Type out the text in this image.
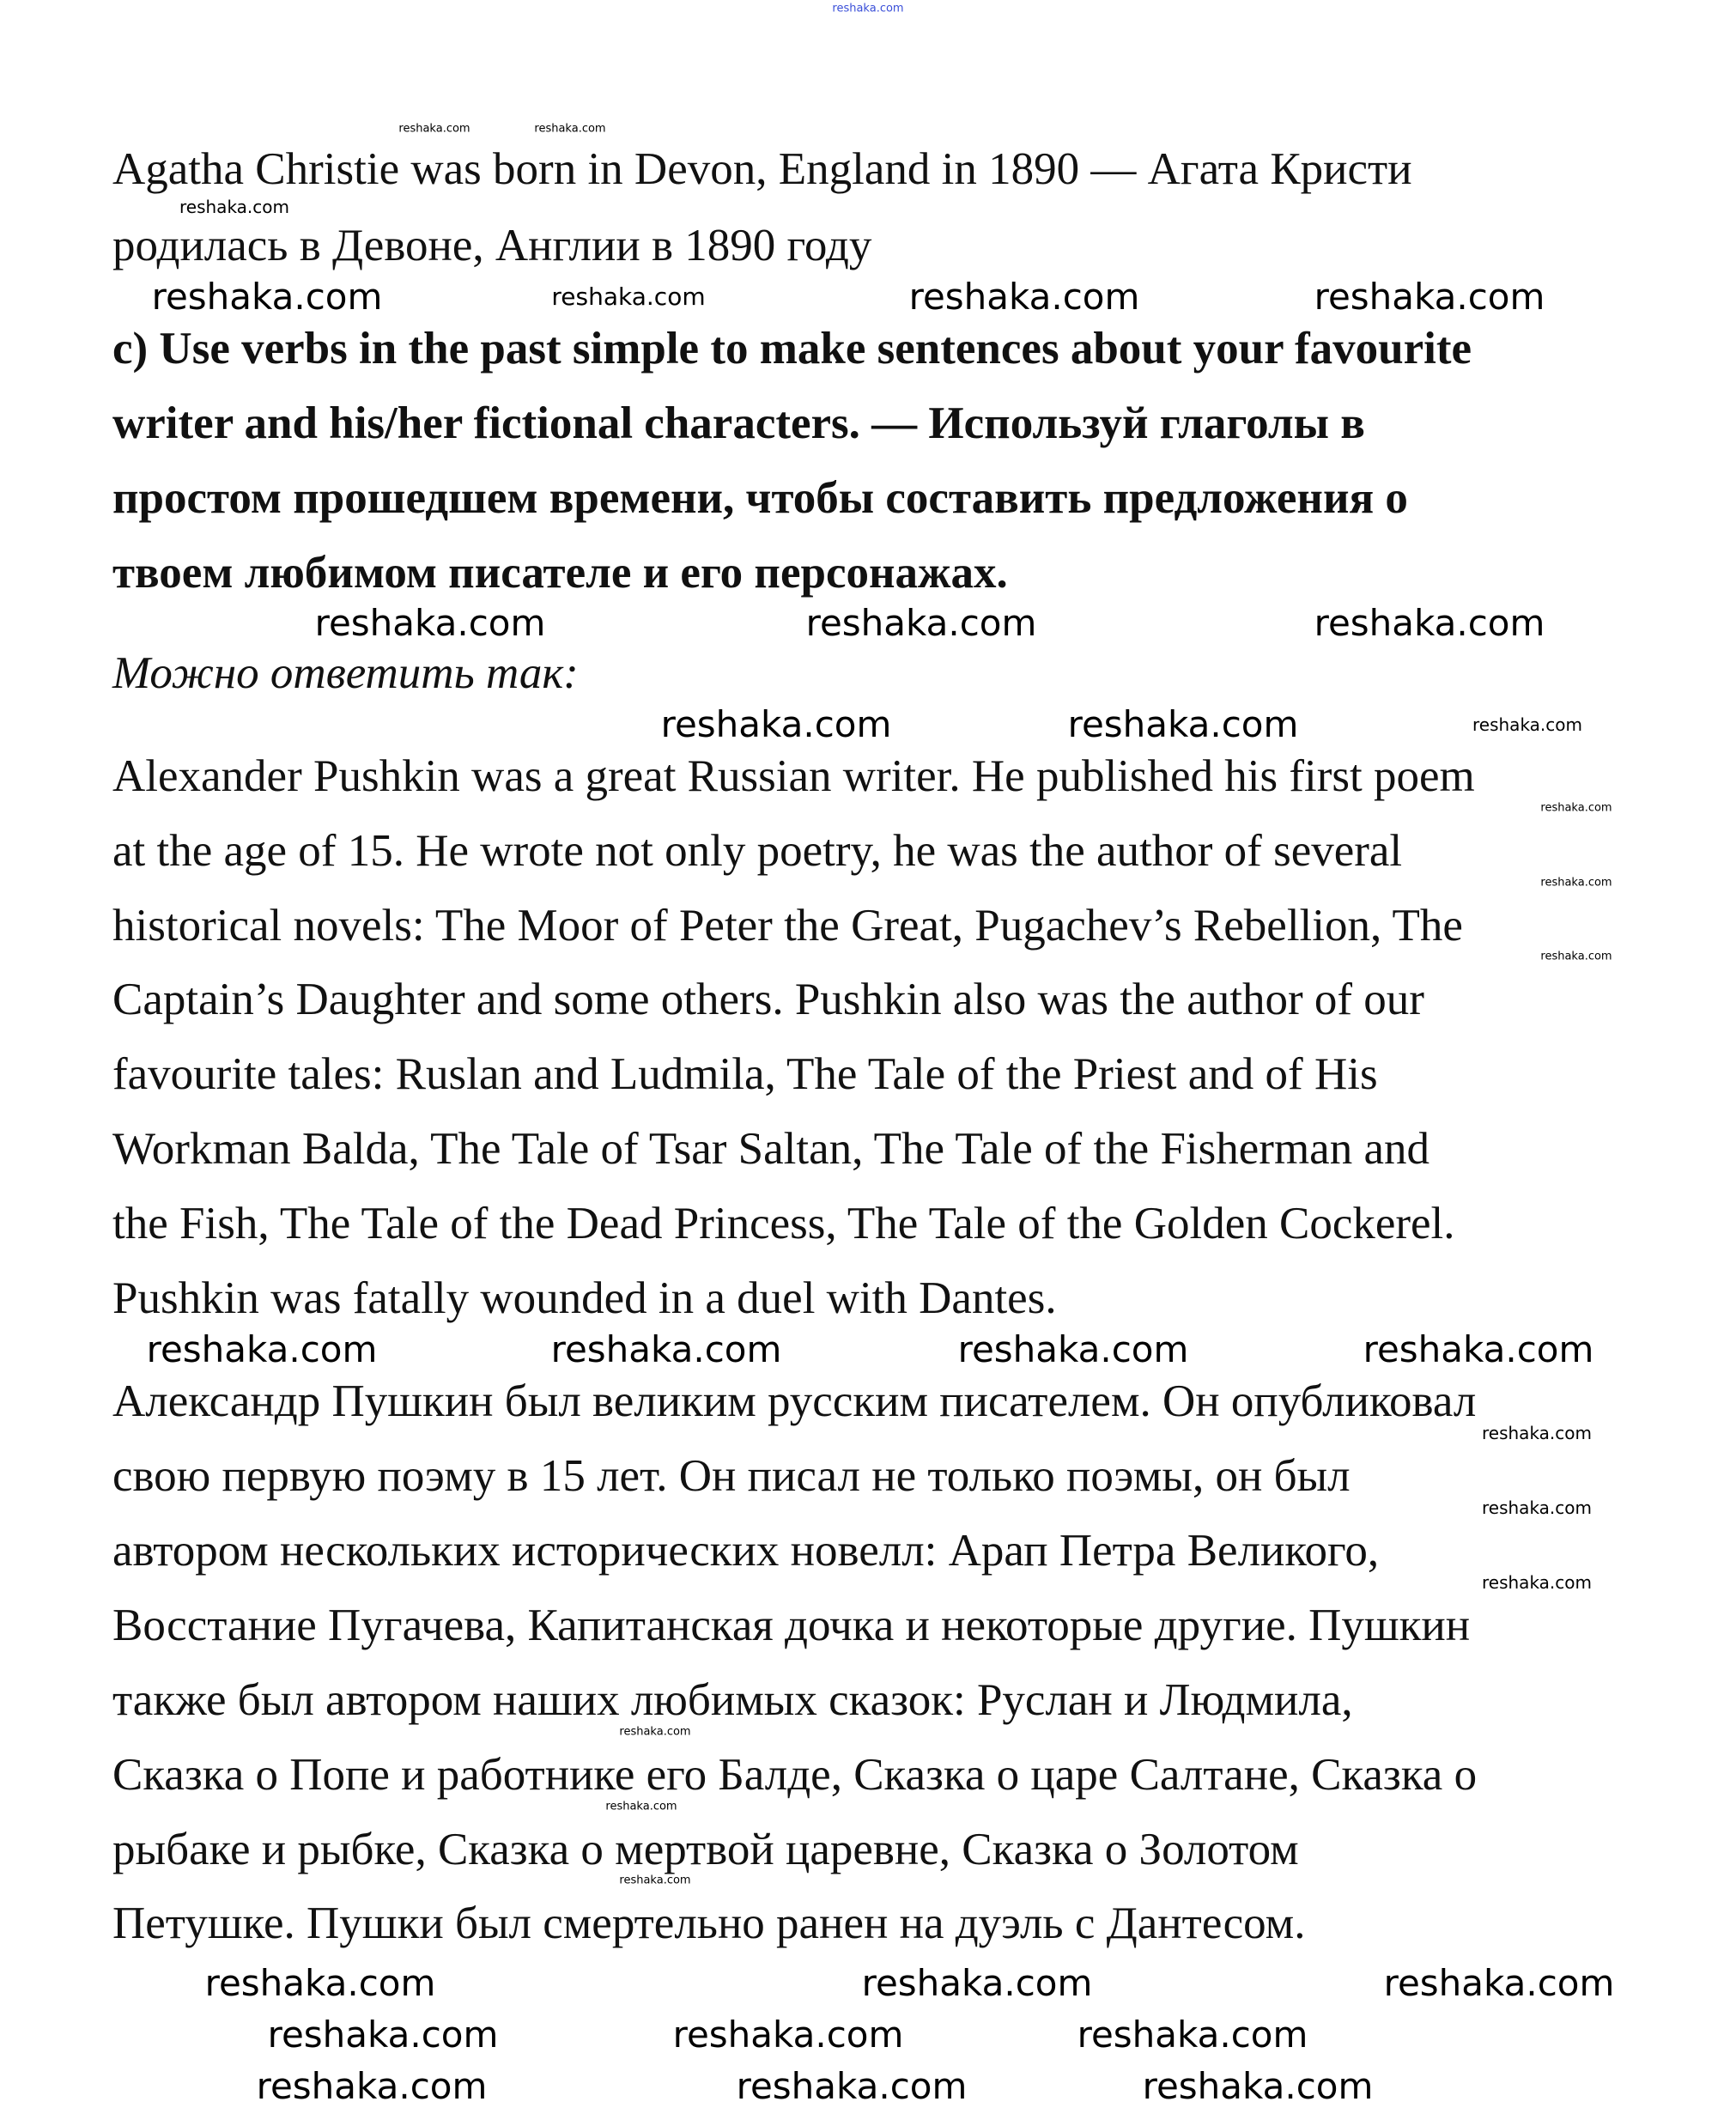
Agatha Christie was born in Devon, England in 1890 — Агата Кристи
родилась в Девоне, Англии в 1890 году
c) Use verbs in the past simple to make sentences about your favourite
writer and his/her fictional characters. — Используй глаголы в
простом прошедшем времени, чтобы составить предложения о
твоем любимом писателе и его персонажах.
Можно ответить так:
Alexander Pushkin was a great Russian writer. He published his first poem
at the age of 15. He wrote not only poetry, he was the author of several
historical novels: The Moor of Peter the Great, Pugachev’s Rebellion, The
Captain’s Daughter and some others. Pushkin also was the author of our
favourite tales: Ruslan and Ludmila, The Tale of the Priest and of His
Workman Balda, The Tale of Tsar Saltan, The Tale of the Fisherman and
the Fish, The Tale of the Dead Princess, The Tale of the Golden Cockerel.
Pushkin was fatally wounded in a duel with Dantes.
Александр Пушкин был великим русским писателем. Он опубликовал
свою первую поэму в 15 лет. Он писал не только поэмы, он был
автором нескольких исторических новелл: Арап Петра Великого,
Восстание Пугачева, Капитанская дочка и некоторые другие. Пушкин
также был автором наших любимых сказок: Руслан и Людмила,
Сказка о Попе и работнике его Балде, Сказка о царе Салтане, Сказка о
рыбаке и рыбке, Сказка о мертвой царевне, Сказка о Золотом
Петушке. Пушки был смертельно ранен на дуэль с Дантесом.
reshaka.com
reshaka.com	reshaka.com
reshaka.com
reshaka.com	reshaka.com	reshaka.com
reshaka.com
reshaka.com	reshaka.com
reshaka.com
reshaka.com	reshaka.com
reshaka.com
reshaka.com
reshaka.com
reshaka.com
reshaka.com	reshaka.com
reshaka.com
reshaka.com	reshaka.com
reshaka.com	reshaka.com
reshaka.com
reshaka.com
reshaka.com	reshaka.com	reshaka.com
reshaka.com
reshaka.com
reshaka.com
reshaka.com
reshaka.com
reshaka.com
reshaka.com
